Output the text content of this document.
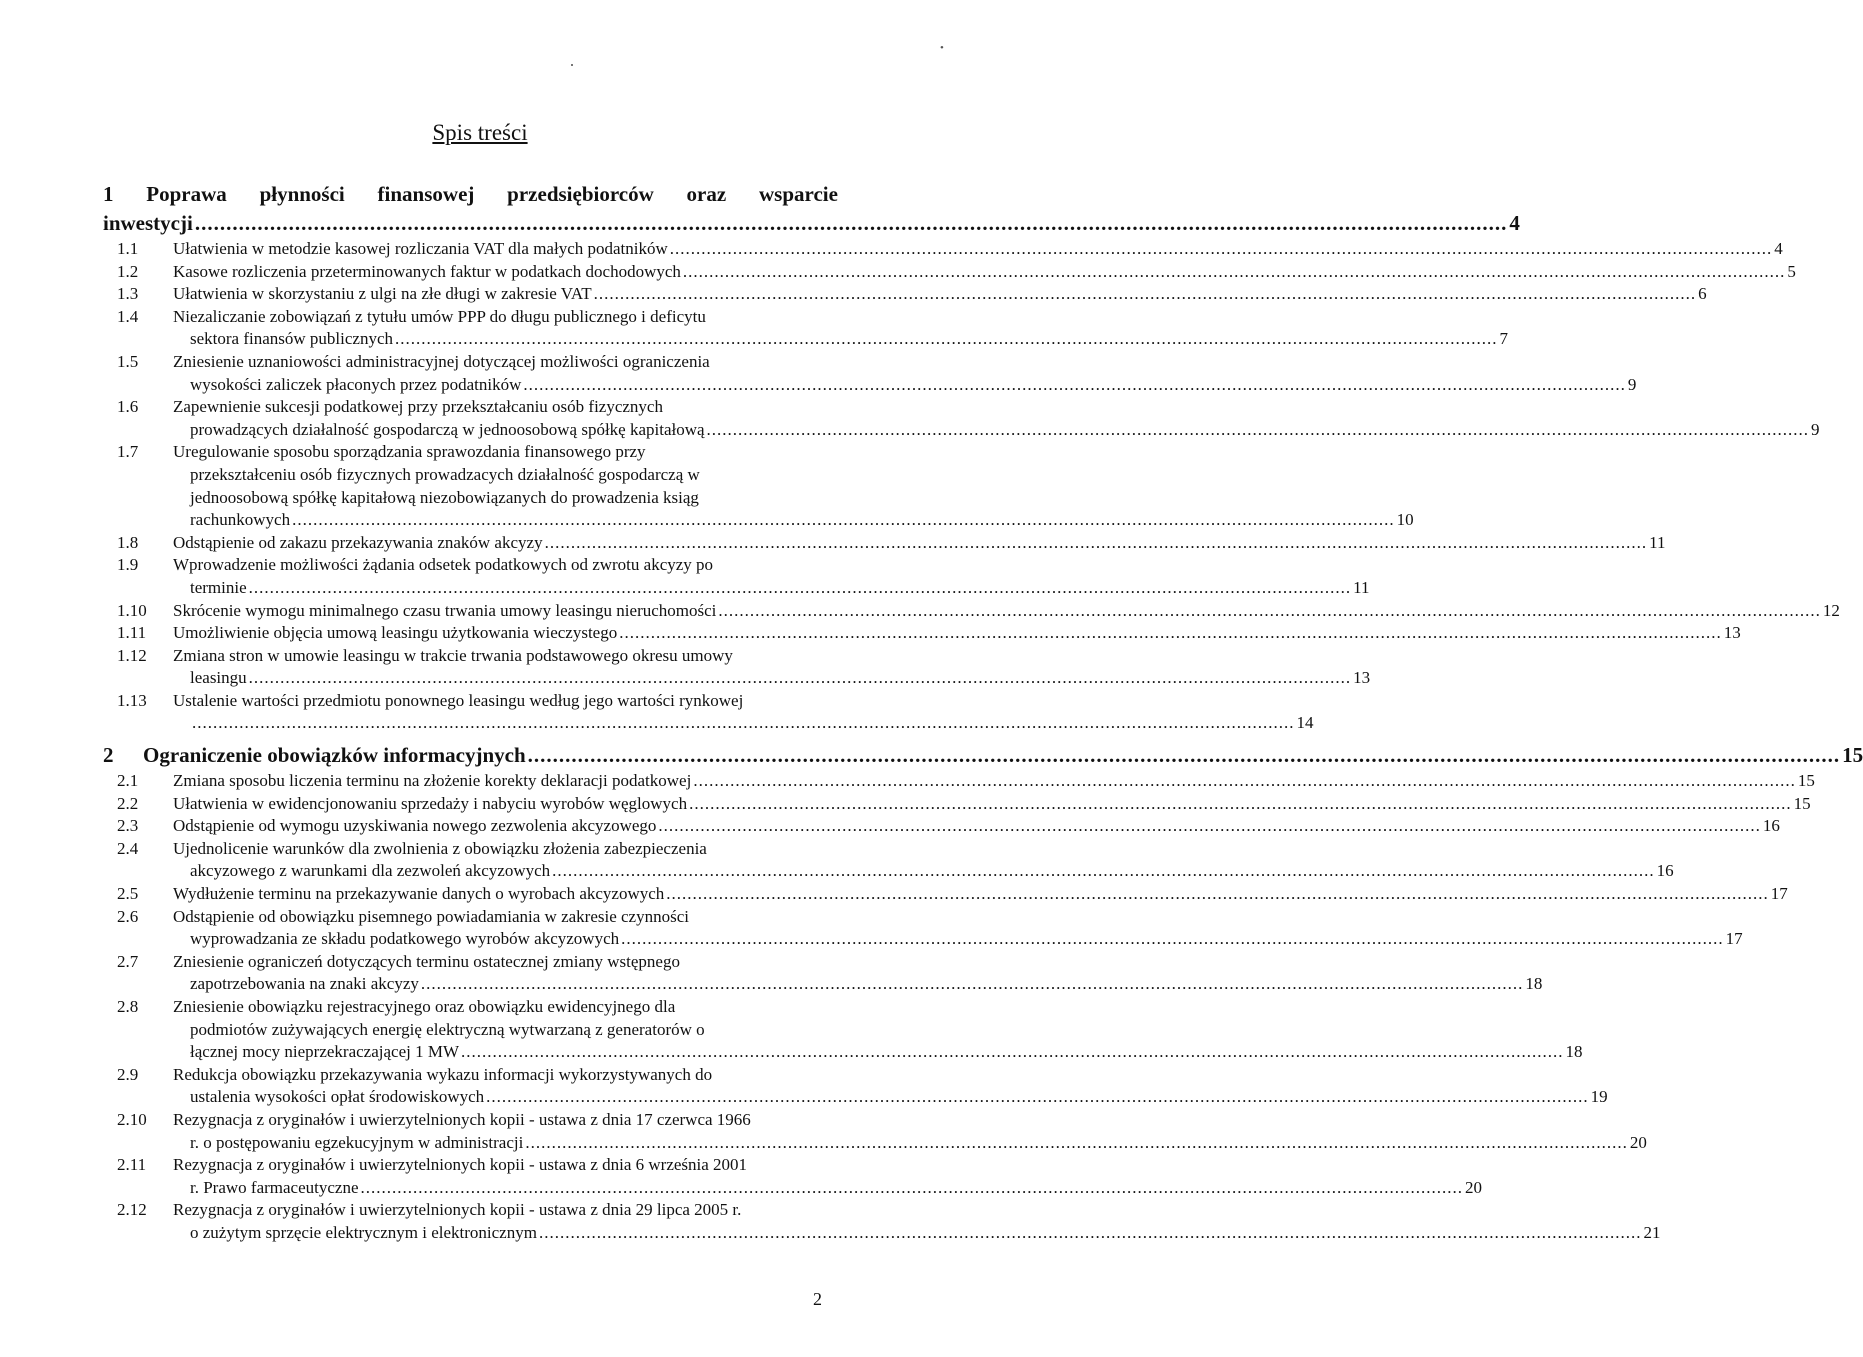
•
Spis treści
1 Poprawa płynności finansowej przedsiębiorców oraz wsparcie
inwestycji .....	4
1.1	Ułatwienia w metodzie kasowej rozliczania VAT dla małych podatników .....	4
1.2	Kasowe rozliczenia przeterminowanych faktur w podatkach dochodowych .....	5
1.3	Ułatwienia w skorzystaniu z ulgi na złe długi w zakresie VAT .....	6
1.4	Niezaliczanie zobowiązań z tytułu umów PPP do długu publicznego i deficytu
sektora finansów publicznych .....	7
1.5	Zniesienie uznaniowości administracyjnej dotyczącej możliwości ograniczenia
wysokości zaliczek płaconych przez podatników .....	9
1.6	Zapewnienie sukcesji podatkowej przy przekształcaniu osób fizycznych
prowadzących działalność gospodarczą w jednoosobową spółkę kapitałową .....	9
1.7	Uregulowanie sposobu sporządzania sprawozdania finansowego przy
przekształceniu osób fizycznych prowadzacych działalność gospodarczą w
jednoosobową spółkę kapitałową niezobowiązanych do prowadzenia ksiąg
rachunkowych .....	10
1.8	Odstąpienie od zakazu przekazywania znaków akcyzy .....	11
1.9	Wprowadzenie możliwości żądania odsetek podatkowych od zwrotu akcyzy po
terminie .....	11
1.10	Skrócenie wymogu minimalnego czasu trwania umowy leasingu nieruchomości .....	12
1.11	Umożliwienie objęcia umową leasingu użytkowania wieczystego .....	13
1.12	Zmiana stron w umowie leasingu w trakcie trwania podstawowego okresu umowy
leasingu .....	13
1.13	Ustalenie wartości przedmiotu ponownego leasingu według jego wartości rynkowej
.....14
2	Ograniczenie obowiązków informacyjnych .....	15
2.1	Zmiana sposobu liczenia terminu na złożenie korekty deklaracji podatkowej .....	15
2.2	Ułatwienia w ewidencjonowaniu sprzedaży i nabyciu wyrobów węglowych .....	15
2.3	Odstąpienie od wymogu uzyskiwania nowego zezwolenia akcyzowego .....	16
2.4	Ujednolicenie warunków dla zwolnienia z obowiązku złożenia zabezpieczenia
akcyzowego z warunkami dla zezwoleń akcyzowych .....	16
2.5	Wydłużenie terminu na przekazywanie danych o wyrobach akcyzowych .....	17
2.6	Odstąpienie od obowiązku pisemnego powiadamiania w zakresie czynności
wyprowadzania ze składu podatkowego wyrobów akcyzowych .....	17
2.7	Zniesienie ograniczeń dotyczących terminu ostatecznej zmiany wstępnego
zapotrzebowania na znaki akcyzy .....	18
2.8	Zniesienie obowiązku rejestracyjnego oraz obowiązku ewidencyjnego dla
podmiotów zużywających energię elektryczną wytwarzaną z generatorów o
łącznej mocy nieprzekraczającej 1 MW .....	18
2.9	Redukcja obowiązku przekazywania wykazu informacji wykorzystywanych do
ustalenia wysokości opłat środowiskowych .....	19
2.10	Rezygnacja z oryginałów i uwierzytelnionych kopii - ustawa z dnia 17 czerwca 1966
r. o postępowaniu egzekucyjnym w administracji .....	20
2.11	Rezygnacja z oryginałów i uwierzytelnionych kopii - ustawa z dnia 6 września 2001
r. Prawo farmaceutyczne .....	20
2.12	Rezygnacja z oryginałów i uwierzytelnionych kopii - ustawa z dnia 29 lipca 2005 r.
o zużytym sprzęcie elektrycznym i elektronicznym .....	21
2
